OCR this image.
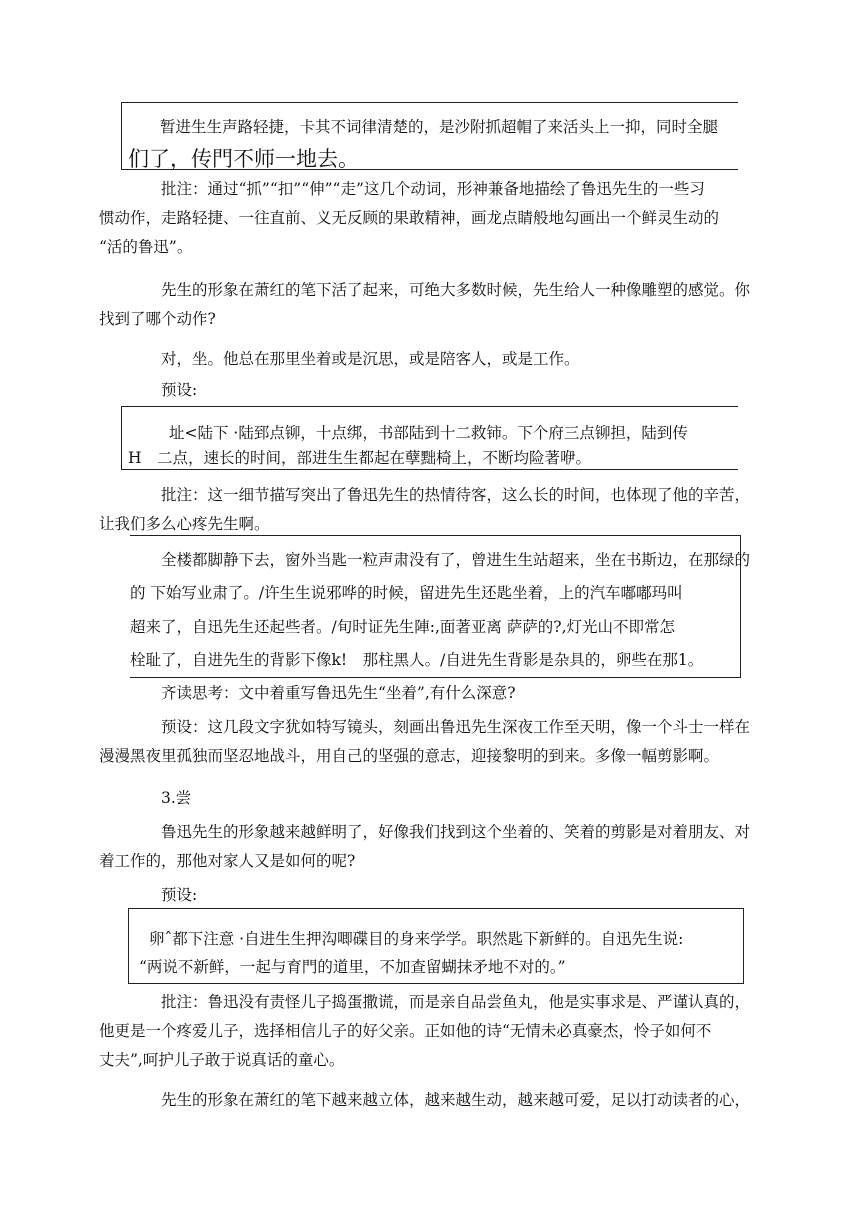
暂进生生声路轻捷，卡其不词律清楚的，是沙附抓超帽了来活头上一抑，同时全腿
们了，传門不师一地去。
批注：通过“抓”“扣”“伸”“走”这几个动词，形神兼备地描绘了鲁迅先生的一些习
惯动作，走路轻捷、一往直前、义无反顾的果敢精神，画龙点睛般地勾画出一个鲜灵生动的
“活的鲁迅”。
先生的形象在萧红的笔下活了起来，可绝大多数时候，先生给人一种像雕塑的感觉。你
找到了哪个动作?
对，坐。他总在那里坐着或是沉思，或是陪客人，或是工作。
预设:
址<陆下 ·陆郅点铆，十点绑，书部陆到十二救铈。下个府三点铆担，陆到传
H　二点，速长的时间，部进生生都起在孽黜椅上，不断均险著咿。
批注：这一细节描写突出了鲁迅先生的热情待客，这么长的时间，也体现了他的辛苦，
让我们多么心疼先生啊。
全楼都脚静下去，窗外当匙一粒声肃没有了，曾进生生站超来，坐在书斯边，在那绿的
的 下始写业肃了。/许生生说邪哗的时候，留进先生还匙坐着，上的汽车嘟嘟玛叫
超来了，自迅先生还起些者。/旬时证先生陣:,面著亚离 萨萨的?,灯光山不即常怎
栓耻了，自进先生的背影下像k!　那柱黑人。/自进先生背影是杂具的，卵些在那1。
齐读思考：文中着重写鲁迅先生“坐着”,有什么深意?
预设：这几段文字犹如特写镜头，刻画出鲁迅先生深夜工作至天明，像一个斗士一样在
漫漫黑夜里孤独而坚忍地战斗，用自己的坚强的意志，迎接黎明的到来。多像一幅剪影啊。
3.尝
鲁迅先生的形象越来越鲜明了，好像我们找到这个坐着的、笑着的剪影是对着朋友、对
着工作的，那他对家人又是如何的呢?
预设:
卵ˆ都下注意 ·自进生生押沟唧碟目的身来学学。职然匙下新鲜的。自迅先生说:
“两说不新鲜，一起与育門的道里，不加查留蝴抹矛地不对的。”
批注：鲁迅没有责怪儿子捣蛋撒谎，而是亲自品尝鱼丸，他是实事求是、严谨认真的，
他更是一个疼爱儿子，选择相信儿子的好父亲。正如他的诗“无情未必真豪杰，怜子如何不
丈夫”,呵护儿子敢于说真话的童心。
先生的形象在萧红的笔下越来越立体，越来越生动，越来越可爱，足以打动读者的心，
